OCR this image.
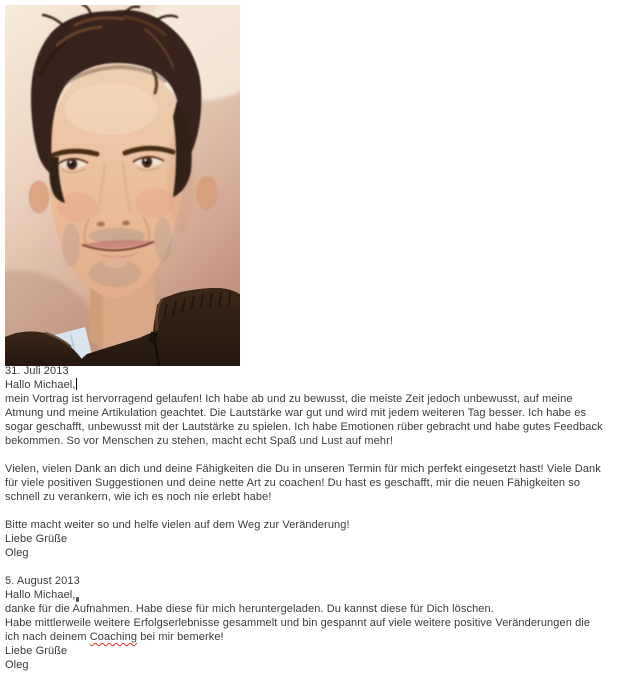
31. Juli 2013
Hallo Michael,
mein Vortrag ist hervorragend gelaufen! Ich habe ab und zu bewusst, die meiste Zeit jedoch unbewusst, auf meine
Atmung und meine Artikulation geachtet. Die Lautstärke war gut und wird mit jedem weiteren Tag besser. Ich habe es
sogar geschafft, unbewusst mit der Lautstärke zu spielen. Ich habe Emotionen rüber gebracht und habe gutes Feedback
bekommen. So vor Menschen zu stehen, macht echt Spaß und Lust auf mehr!
Vielen, vielen Dank an dich und deine Fähigkeiten die Du in unseren Termin für mich perfekt eingesetzt hast! Viele Dank
für viele positiven Suggestionen und deine nette Art zu coachen! Du hast es geschafft, mir die neuen Fähigkeiten so
schnell zu verankern, wie ich es noch nie erlebt habe!
Bitte macht weiter so und helfe vielen auf dem Weg zur Veränderung!
Liebe Grüße
Oleg
5. August 2013
Hallo Michael,
danke für die Aufnahmen. Habe diese für mich heruntergeladen. Du kannst diese für Dich löschen.
Habe mittlerweile weitere Erfolgserlebnisse gesammelt und bin gespannt auf viele weitere positive Veränderungen die
ich nach deinem Coaching bei mir bemerke!
Liebe Grüße
Oleg
